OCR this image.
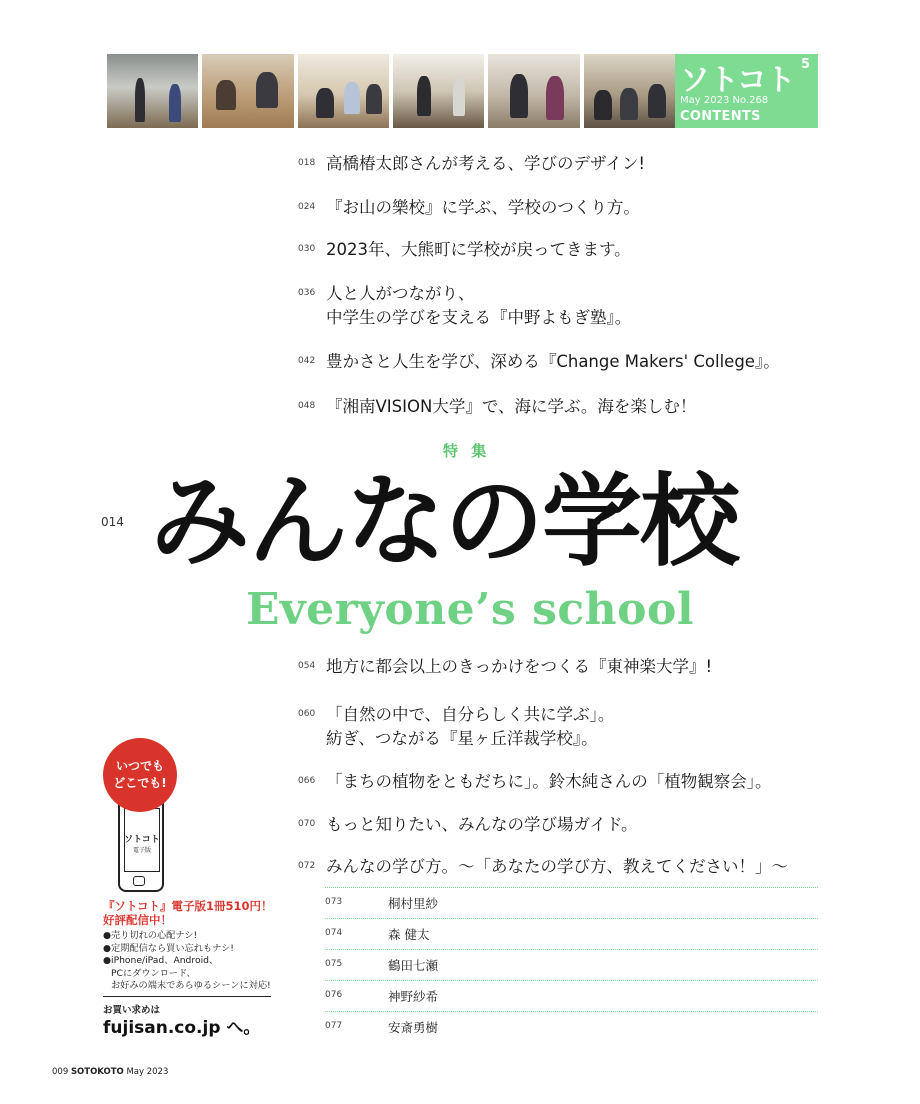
ソトコト 5
May 2023 No.268
CONTENTS
018 高橋椿太郎さんが考える、学びのデザイン!
024 『お山の樂校』に学ぶ、学校のつくり方。
030 2023年、大熊町に学校が戻ってきます。
036 人と人がつながり、
中学生の学びを支える『中野よもぎ塾』。
042 豊かさと人生を学び、深める『Change Makers' College』。
048 『湘南VISION大学』で、海に学ぶ。海を楽しむ！
特 集
014 みんなの学校
Everyone’s school
054 地方に都会以上のきっかけをつくる『東神楽大学』!
060 「自然の中で、自分らしく共に学ぶ」。
紡ぎ、つながる『星ヶ丘洋裁学校』。
066 「まちの植物をともだちに」。鈴木純さんの「植物観察会」。
070 もっと知りたい、みんなの学び場ガイド。
072 みんなの学び方。〜「あなたの学び方、教えてください！」〜
073	桐村里紗
074	森 健太
075	鶴田七瀬
076	神野紗希
077	安斎勇樹
ソトコト
電子版
いつでも
どこでも!
『ソトコト』電子版1冊510円！
好評配信中！
●売り切れの心配ナシ!
●定期配信なら買い忘れもナシ!
●iPhone/iPad、Android、
PCにダウンロード、
お好みの端末であらゆるシーンに対応!
お買い求めは
fujisan.co.jp へ。
009 SOTOKOTO May 2023
